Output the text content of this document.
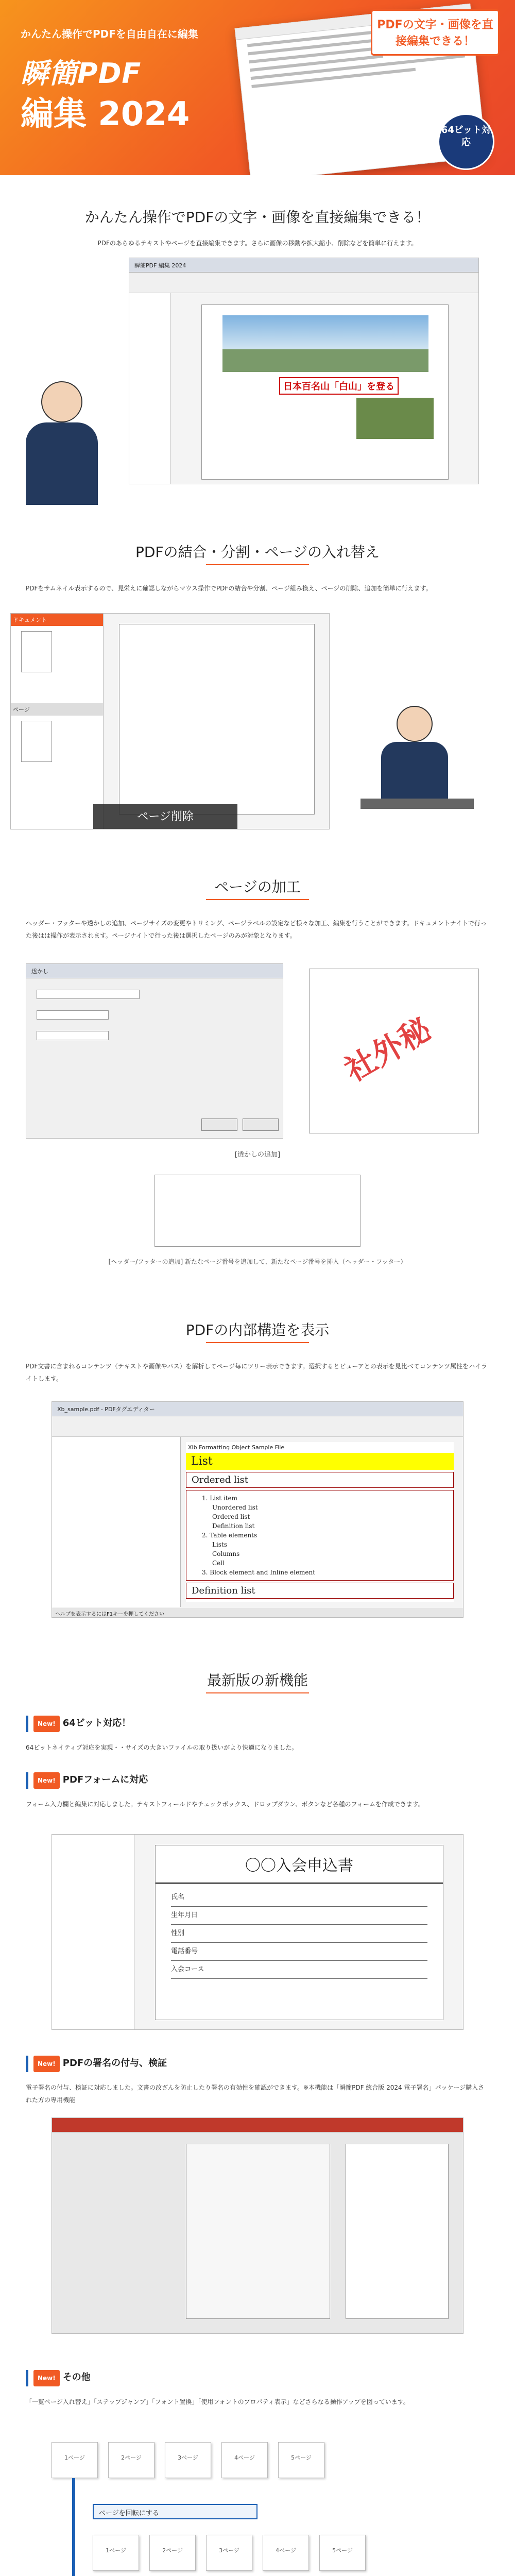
かんたん操作でPDFを自由自在に編集
瞬簡PDF
編集 2024
PDFの文字・画像を直接編集できる！
64ビット対応
かんたん操作でPDFの文字・画像を直接編集できる！
PDFのあらゆるテキストやページを直接編集できます。さらに画像の移動や拡大縮小、削除などを簡単に行えます。
瞬簡PDF 編集 2024
日本百名山「白山」を登る
PDFの結合・分割・ページの入れ替え
PDFをサムネイル表示するので、見栄えに確認しながらマウス操作でPDFの結合や分割、ページ組み換え、ページの削除、追加を簡単に行えます。
ドキュメント
ページ
ページ削除
ページの加工
ヘッダー・フッターや透かしの追加、ページサイズの変更やトリミング、ページラベルの設定など様々な加工、編集を行うことができます。ドキュメントナイトで行った後はは操作が表示されます。ページナイトで行った後は選択したページのみが対象となります。
透かし
社外秘
[透かしの追加]
[ヘッダー/フッターの追加] 新たなページ番号を追加して、新たなページ番号を挿入（ヘッダー・フッター）
PDFの内部構造を表示
PDF文書に含まれるコンテンツ（テキストや画像やパス）を解析してページ毎にツリー表示できます。選択するとビューアとの表示を見比べてコンテンツ属性をハイライトします。
Xb_sample.pdf - PDFタグエディター
Xib Formatting Object Sample File
List
Ordered list
1. List item
Unordered list
Ordered list
Definition list
2. Table elements
Lists
Columns
Cell
3. Block element and Inline element
Definition list
ヘルプを表示するにはF1キーを押してください
最新版の新機能
New! 64ビット対応！
64ビットネイティブ対応を実現・・サイズの大きいファイルの取り扱いがより快適になりました。
New! PDFフォームに対応
フォーム入力欄と編集に対応しました。テキストフィールドやチェックボックス、ドロップダウン、ボタンなど各種のフォームを作成できます。
〇〇入会申込書
氏名
生年月日
性別
電話番号
入会コース
New! PDFの署名の付与、検証
電子署名の付与、検証に対応しました。文書の改ざんを防止したり署名の有効性を確認ができます。※本機能は「瞬簡PDF 統合版 2024 電子署名」パッケージ購入された方の専用機能
New! その他
「一覧ページ入れ替え」「ステップジャンプ」「フォント置換」「使用フォントのプロパティ表示」などさらなる操作アップを図っています。
1ページ	2ページ	3ページ	4ページ	5ページ
ページを回転にする
1ページ	2ページ	3ページ	4ページ	5ページ
